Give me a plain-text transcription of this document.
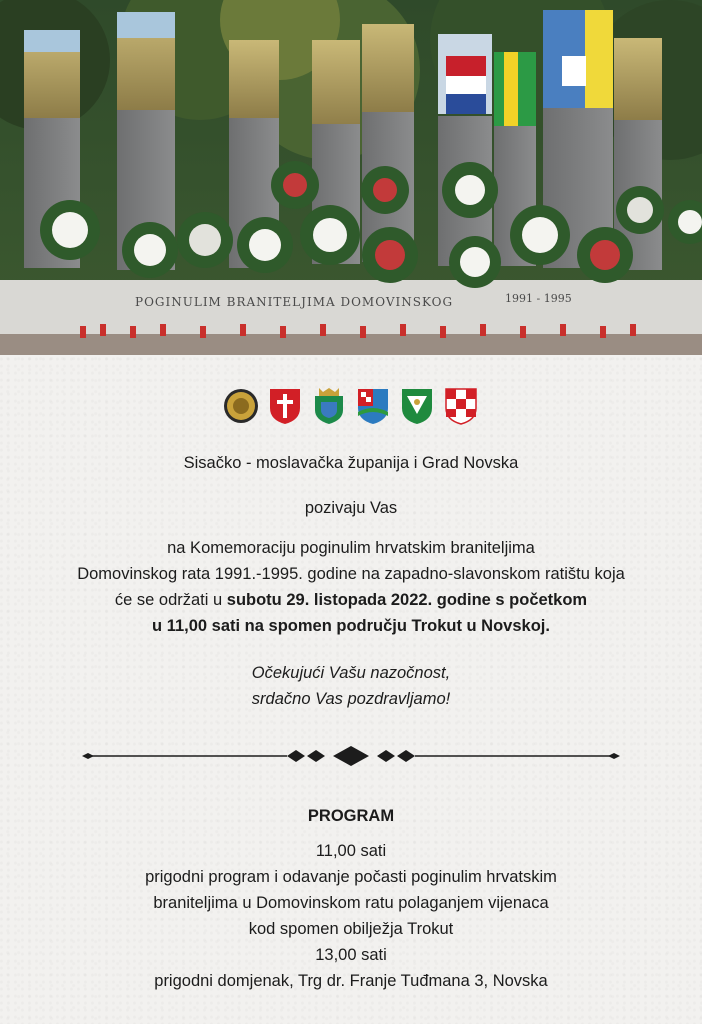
POGINULIM BRANITELJIMA DOMOVINSKOG	1991 - 1995
Sisačko - moslavačka županija i Grad Novska
pozivaju Vas
na Komemoraciju poginulim hrvatskim braniteljima
Domovinskog rata 1991.-1995. godine na zapadno-slavonskom ratištu koja
će se održati u subotu 29. listopada 2022. godine s početkom
u 11,00 sati na spomen području Trokut u Novskoj.
Očekujući Vašu nazočnost,
srdačno Vas pozdravljamo!
PROGRAM
11,00 sati
prigodni program i odavanje počasti poginulim hrvatskim
braniteljima u Domovinskom ratu polaganjem vijenaca
kod spomen obilježja Trokut
13,00 sati
prigodni domjenak, Trg dr. Franje Tuđmana 3, Novska
